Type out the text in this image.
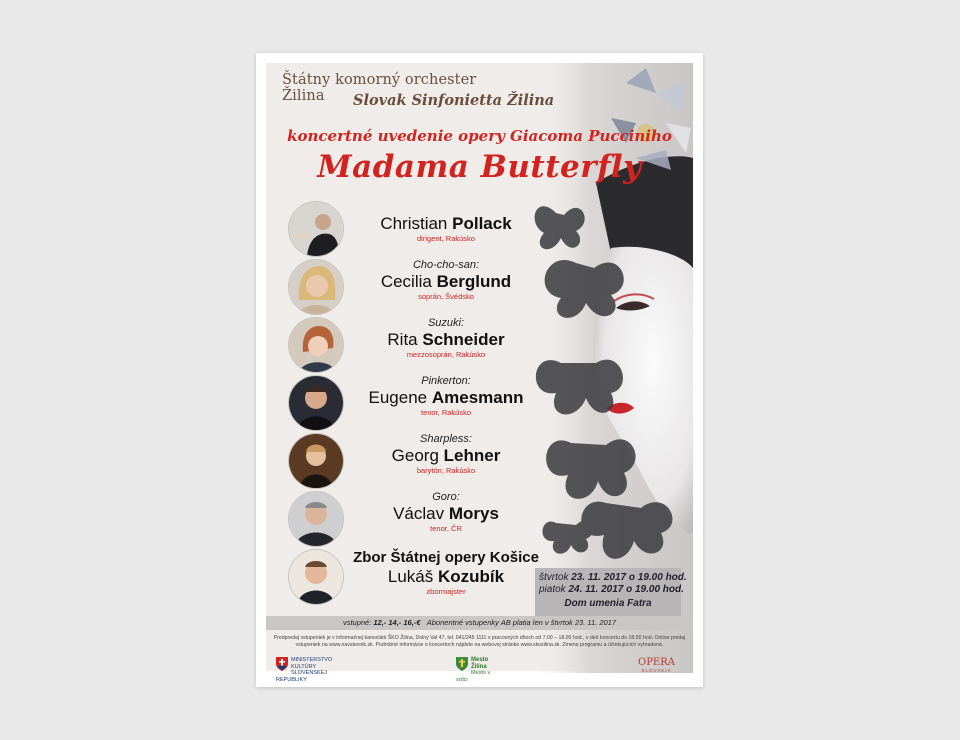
Štátny komorný orchester Žilina	Slovak Sinfonietta Žilina
koncertné uvedenie opery Giacoma Pucciniho
Madama Butterfly
Christian Pollack
dirigent, Rakúsko
Cho-cho-san:
Cecilia Berglund
soprán, Švédsko
Suzuki:
Rita Schneider
mezzosoprán, Rakúsko
Pinkerton:
Eugene Amesmann
tenor, Rakúsko
Sharpless:
Georg Lehner
barytón, Rakúsko
Goro:
Václav Morys
tenor, ČR
Zbor Štátnej opery Košice
Lukáš Kozubík
zbormajster
štvrtok 23. 11. 2017 o 19.00 hod.
piatok 24. 11. 2017 o 19.00 hod.
Dom umenia Fatra
vstupné: 12,- 14,- 16,-€ Abonentné vstupenky AB platia len v štvrtok 23. 11. 2017
Predpredaj vstupeniek je v informačnej kancelárii ŠKO Žilina, Dolný Val 47, tel. 041/245 1111 v pracovných dňoch od 7.00 – 18.00 hod., v deň koncertu do 18.50 hod. Online predaj vstupeniek na www.navstevnik.sk. Podrobné informácie o koncertoch nájdete na webovej stránke www.skozilina.sk. Zmena programu a účinkujúcich vyhradená.
MINISTERSTVO
KULTÚRY
SLOVENSKEJ REPUBLIKY
Mesto Žilina
Mesto v srdci
OPERA
SLOVAKIA
